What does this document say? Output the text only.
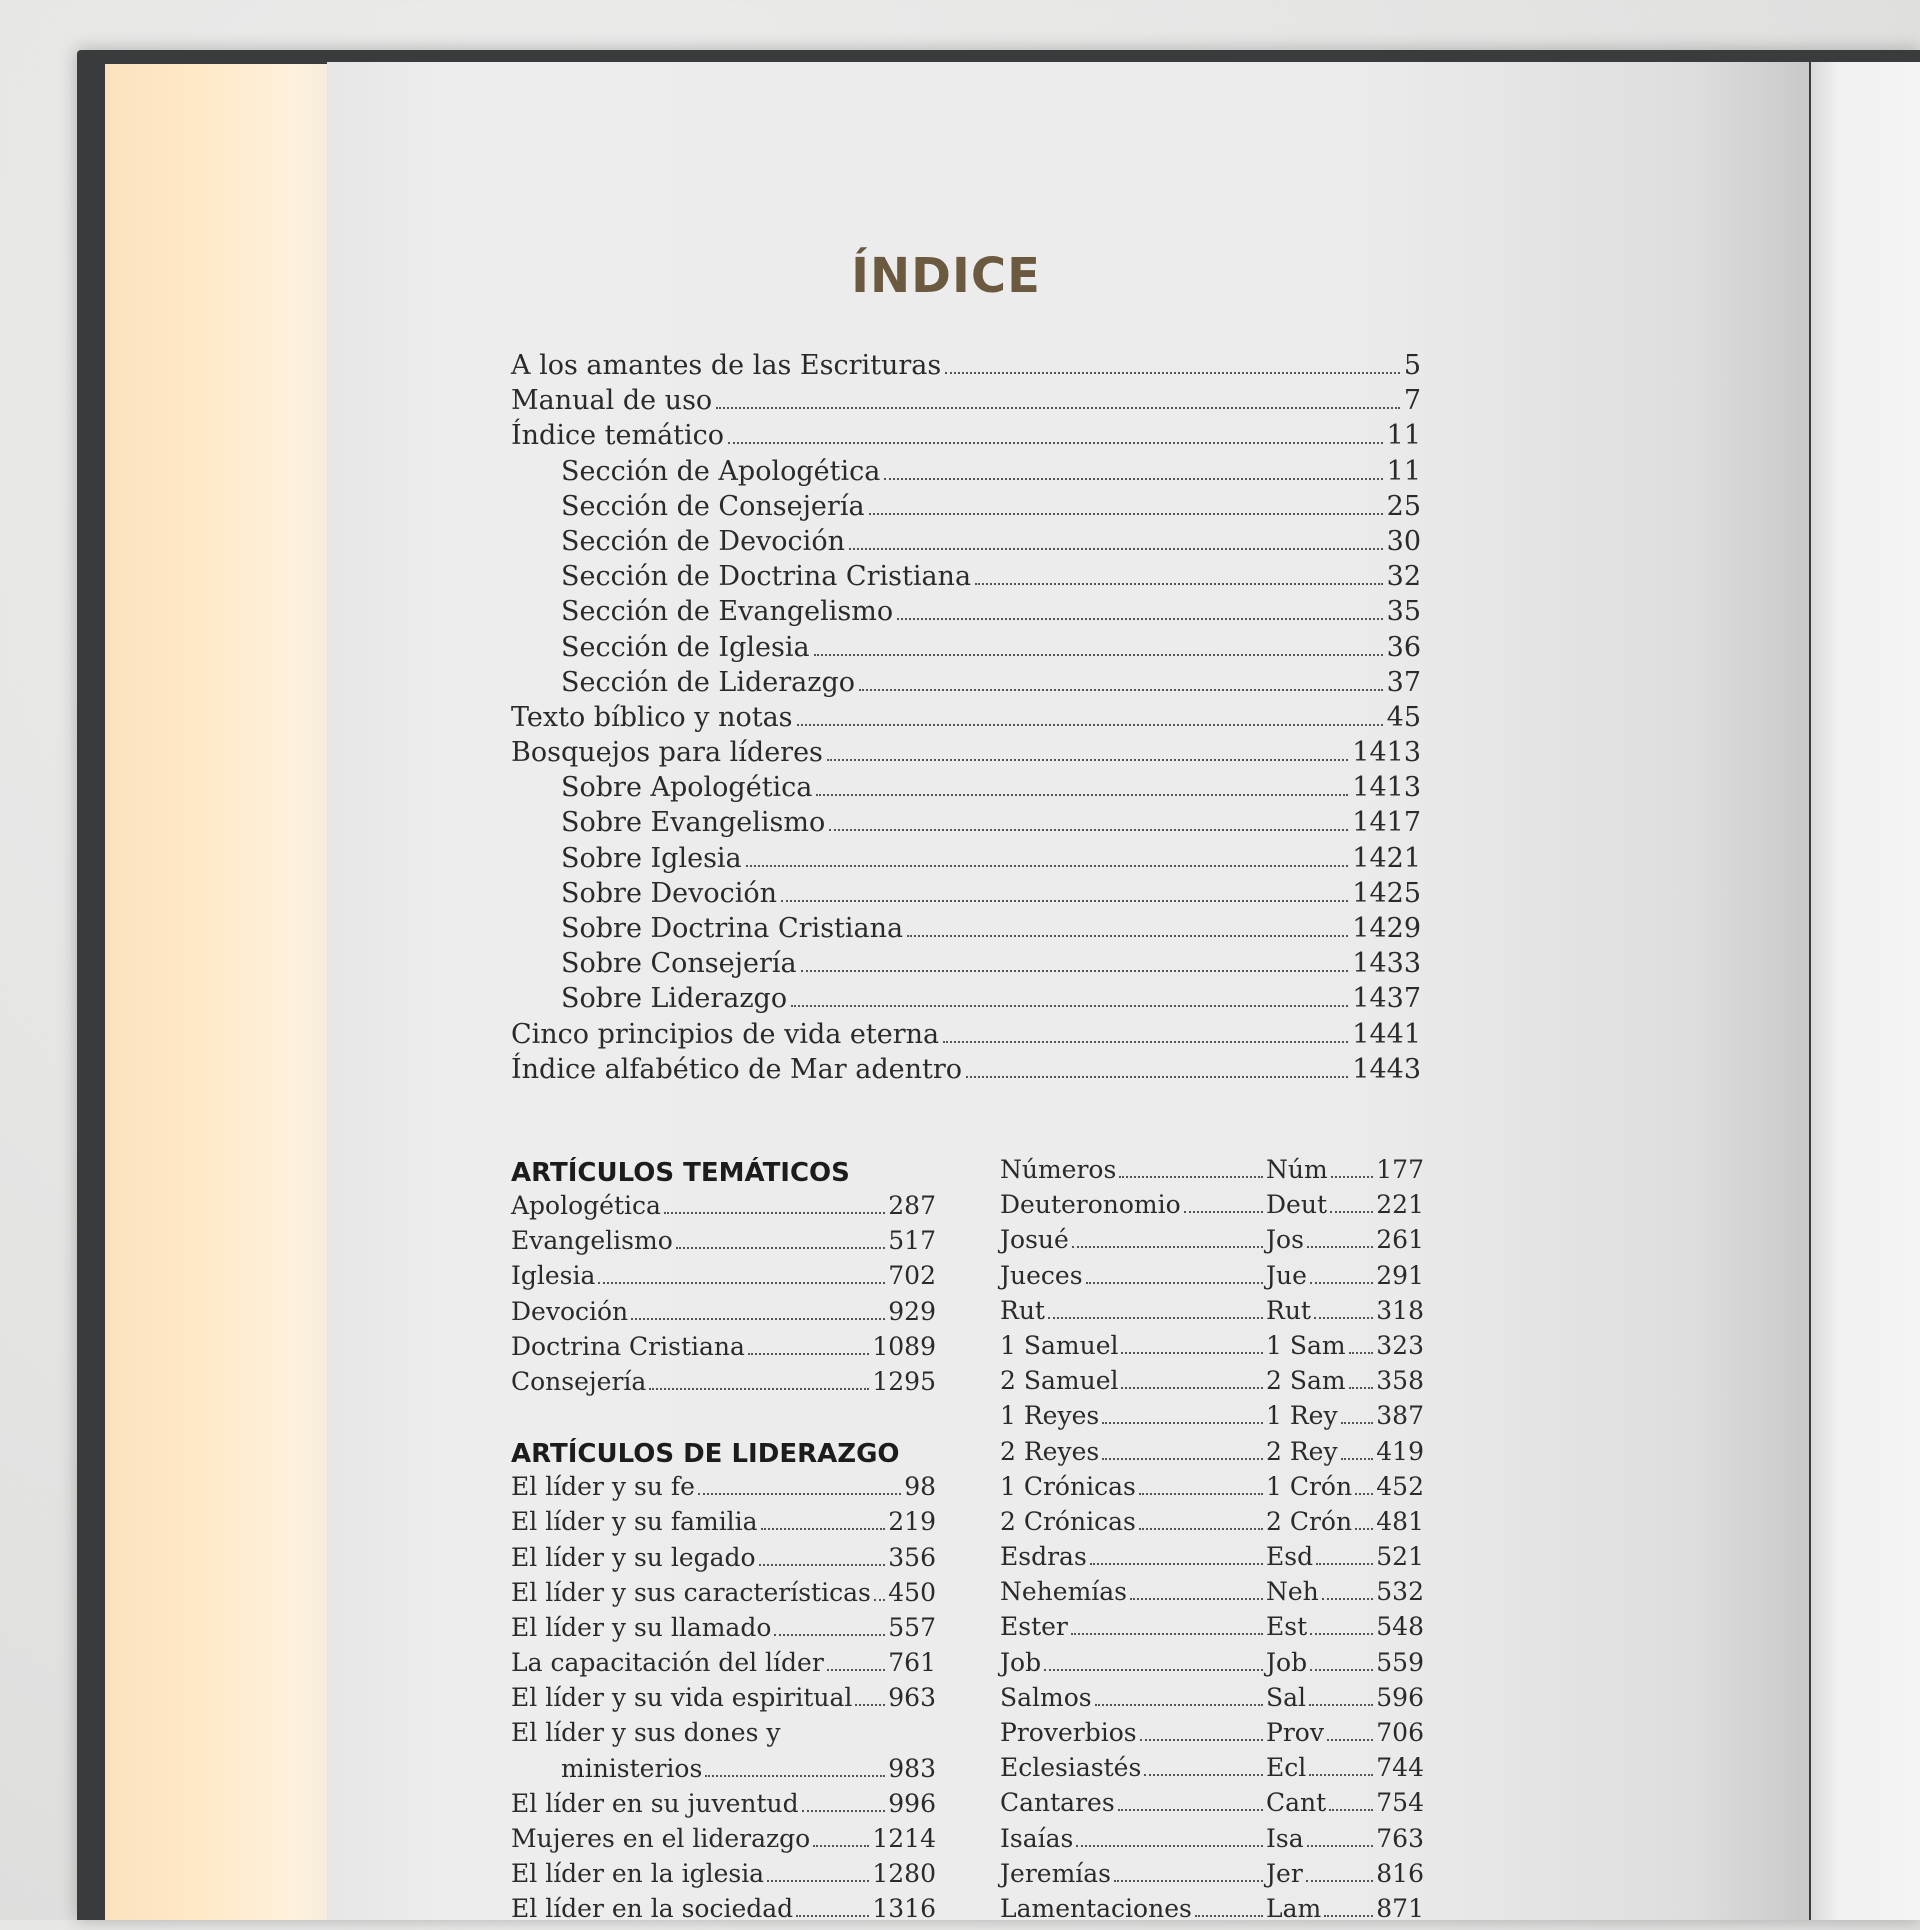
ÍNDICE
A los amantes de las Escrituras	5
Manual de uso	7
Índice temático	11
Sección de Apologética	11
Sección de Consejería	25
Sección de Devoción	30
Sección de Doctrina Cristiana	32
Sección de Evangelismo	35
Sección de Iglesia	36
Sección de Liderazgo	37
Texto bíblico y notas	45
Bosquejos para líderes	1413
Sobre Apologética	1413
Sobre Evangelismo	1417
Sobre Iglesia	1421
Sobre Devoción	1425
Sobre Doctrina Cristiana	1429
Sobre Consejería	1433
Sobre Liderazgo	1437
Cinco principios de vida eterna	1441
Índice alfabético de Mar adentro	1443
ARTÍCULOS TEMÁTICOS
Apologética	287
Evangelismo	517
Iglesia	702
Devoción	929
Doctrina Cristiana	1089
Consejería	1295
ARTÍCULOS DE LIDERAZGO
El líder y su fe	98
El líder y su familia	219
El líder y su legado	356
El líder y sus características 450
El líder y su llamado	557
La capacitación del líder	761
El líder y su vida espiritual 963
El líder y sus dones y
ministerios	983
El líder en su juventud	996
Mujeres en el liderazgo 1214
El líder en la iglesia	1280
El líder en la sociedad	1316
Números	Núm 177
Deuteronomio	Deut 221
Josué	Jos	261
Jueces	Jue	291
Rut	Rut	318
1 Samuel	1 Sam 323
2 Samuel	2 Sam 358
1 Reyes	1 Rey 387
2 Reyes	2 Rey 419
1 Crónicas	1 Crón 452
2 Crónicas	2 Crón 481
Esdras	Esd	521
Nehemías	Neh 532
Ester	Est	548
Job	Job	559
Salmos	Sal	596
Proverbios	Prov 706
Eclesiastés	Ecl	744
Cantares	Cant 754
Isaías	Isa	763
Jeremías	Jer	816
Lamentaciones	Lam 871
